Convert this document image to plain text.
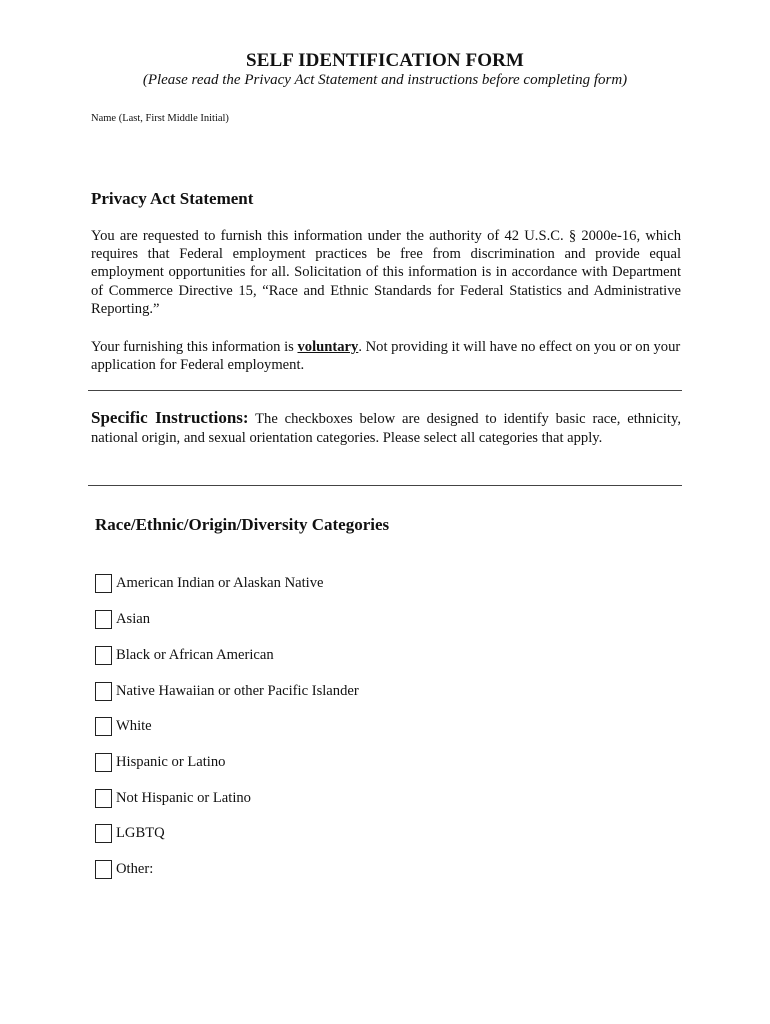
SELF IDENTIFICATION FORM
(Please read the Privacy Act Statement and instructions before completing form)
Name (Last, First Middle Initial)
Privacy Act Statement
You are requested to furnish this information under the authority of 42 U.S.C. § 2000e-16, which requires that Federal employment practices be free from discrimination and provide equal employment opportunities for all. Solicitation of this information is in accordance with Department of Commerce Directive 15, “Race and Ethnic Standards for Federal Statistics and Administrative Reporting.”
Your furnishing this information is voluntary. Not providing it will have no effect on you or on your application for Federal employment.
Specific Instructions: The checkboxes below are designed to identify basic race, ethnicity, national origin, and sexual orientation categories. Please select all categories that apply.
Race/Ethnic/Origin/Diversity Categories
American Indian or Alaskan Native
Asian
Black or African American
Native Hawaiian or other Pacific Islander
White
Hispanic or Latino
Not Hispanic or Latino
LGBTQ
Other:
